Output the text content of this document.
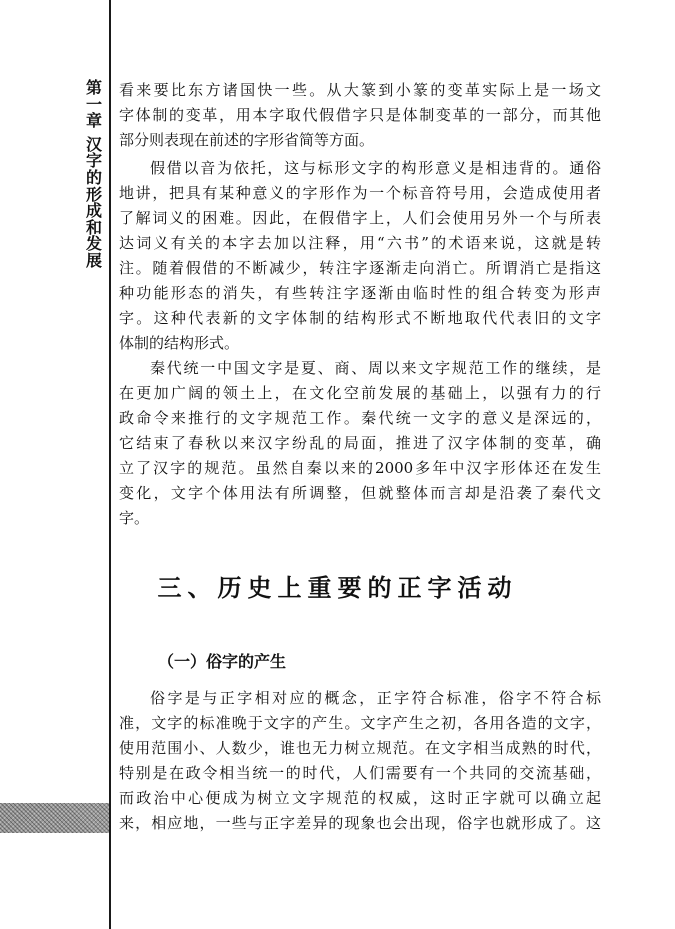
第
一
章
汉
字
的
形
成
和
发
展
看来要比东方诸国快一些。从大篆到小篆的变革实际上是一场文
字体制的变革，用本字取代假借字只是体制变革的一部分，而其他
部分则表现在前述的字形省简等方面。
假借以音为依托，这与标形文字的构形意义是相违背的。通俗
地讲，把具有某种意义的字形作为一个标音符号用，会造成使用者
了解词义的困难。因此，在假借字上，人们会使用另外一个与所表
达词义有关的本字去加以注释，用“六书”的术语来说，这就是转
注。随着假借的不断减少，转注字逐渐走向消亡。所谓消亡是指这
种功能形态的消失，有些转注字逐渐由临时性的组合转变为形声
字。这种代表新的文字体制的结构形式不断地取代代表旧的文字
体制的结构形式。
秦代统一中国文字是夏、商、周以来文字规范工作的继续，是
在更加广阔的领土上，在文化空前发展的基础上，以强有力的行
政命令来推行的文字规范工作。秦代统一文字的意义是深远的，
它结束了春秋以来汉字纷乱的局面，推进了汉字体制的变革，确
立了汉字的规范。虽然自秦以来的2000多年中汉字形体还在发生
变化，文字个体用法有所调整，但就整体而言却是沿袭了秦代文
字。
三、历史上重要的正字活动
（一）俗字的产生
俗字是与正字相对应的概念，正字符合标准，俗字不符合标
准，文字的标准晚于文字的产生。文字产生之初，各用各造的文字，
使用范围小、人数少，谁也无力树立规范。在文字相当成熟的时代，
特别是在政令相当统一的时代，人们需要有一个共同的交流基础，
而政治中心便成为树立文字规范的权威，这时正字就可以确立起
来，相应地，一些与正字差异的现象也会出现，俗字也就形成了。这
